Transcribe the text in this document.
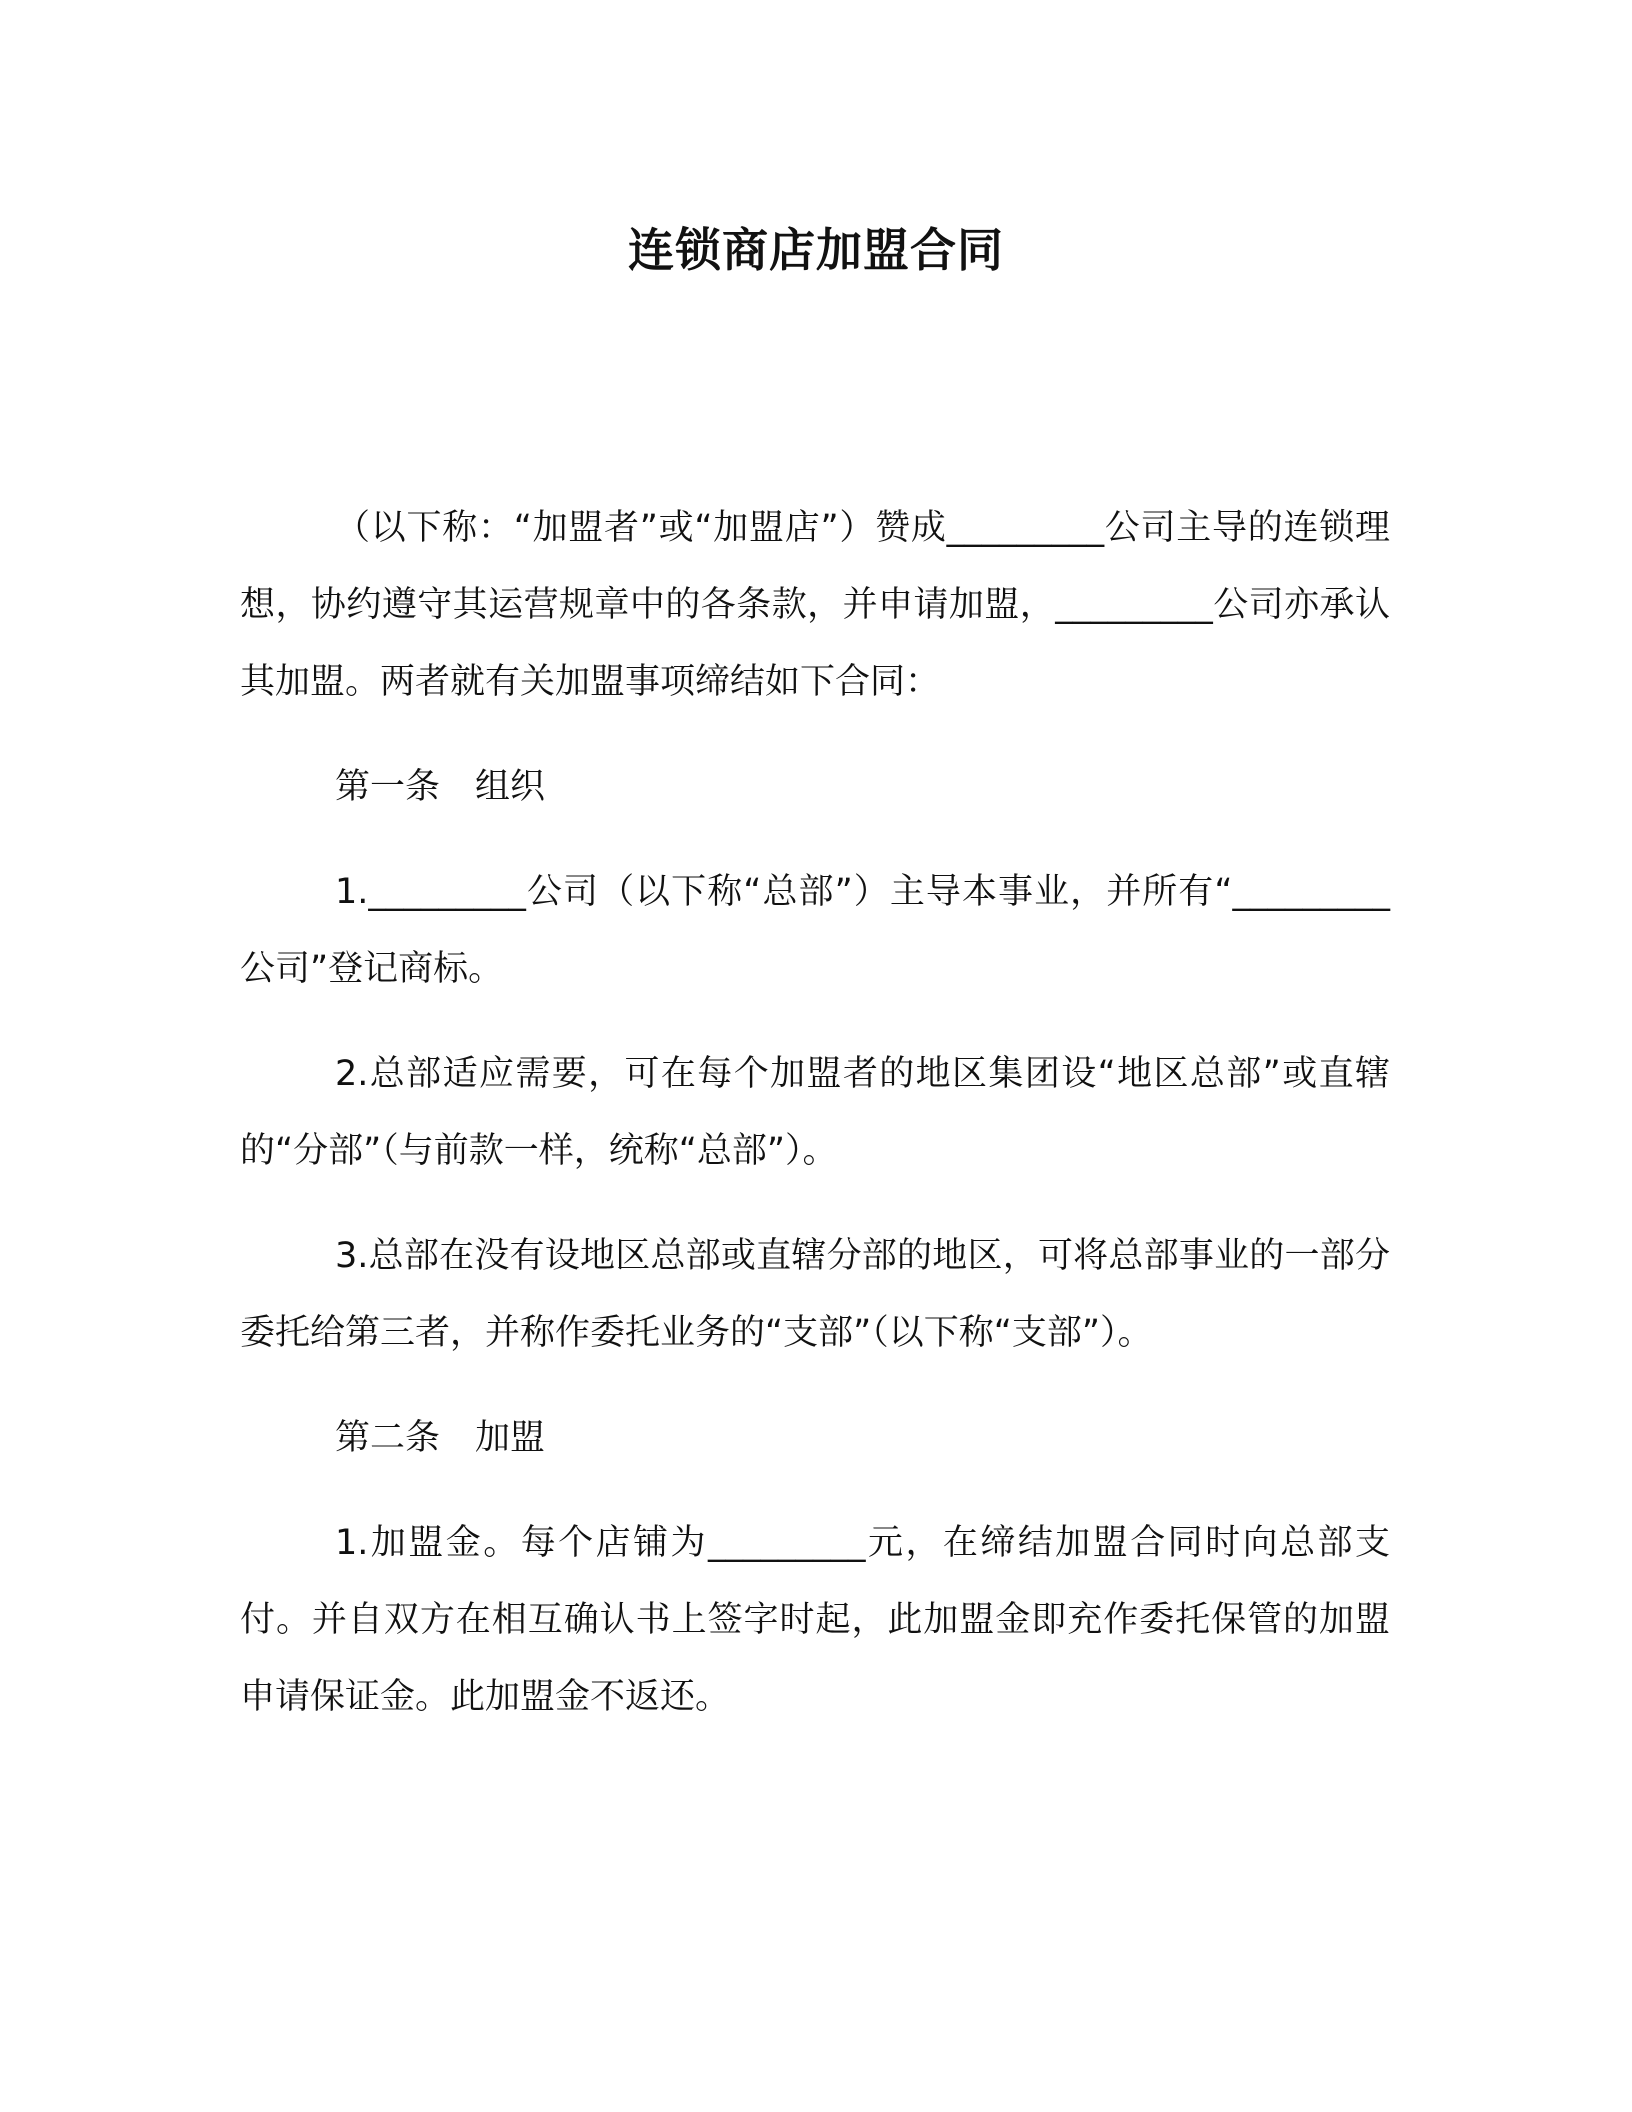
连锁商店加盟合同

（以下称：“加盟者”或“加盟店”）赞成_________公司主导的连锁理想，协约遵守其运营规章中的各条款，并申请加盟，_________公司亦承认其加盟。两者就有关加盟事项缔结如下合同：

第一条　组织

1._________公司（以下称“总部”）主导本事业，并所有“_________公司”登记商标。

2.总部适应需要，可在每个加盟者的地区集团设“地区总部”或直辖的“分部”（与前款一样，统称“总部”）。

3.总部在没有设地区总部或直辖分部的地区，可将总部事业的一部分委托给第三者，并称作委托业务的“支部”（以下称“支部”）。

第二条　加盟

1.加盟金。每个店铺为_________元，在缔结加盟合同时向总部支付。并自双方在相互确认书上签字时起，此加盟金即充作委托保管的加盟申请保证金。此加盟金不返还。
